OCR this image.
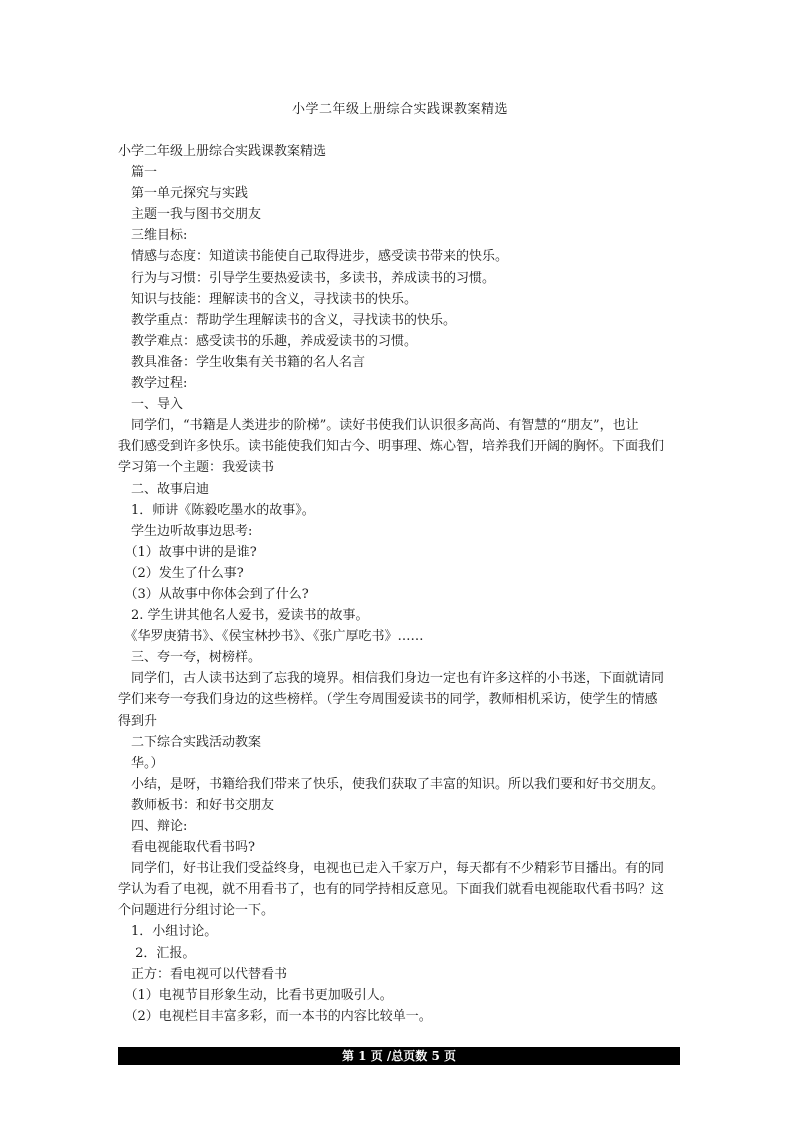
小学二年级上册综合实践课教案精选
小学二年级上册综合实践课教案精选
　篇一
　第一单元探究与实践
　主题一我与图书交朋友
　三维目标:
　情感与态度：知道读书能使自己取得进步，感受读书带来的快乐。
　行为与习惯：引导学生要热爱读书，多读书，养成读书的习惯。
　知识与技能：理解读书的含义，寻找读书的快乐。
　教学重点：帮助学生理解读书的含义，寻找读书的快乐。
　教学难点：感受读书的乐趣，养成爱读书的习惯。
　教具准备：学生收集有关书籍的名人名言
　教学过程:
　一、导入
　同学们，“书籍是人类进步的阶梯”。读好书使我们认识很多高尚、有智慧的“朋友”，也让
我们感受到许多快乐。读书能使我们知古今、明事理、炼心智，培养我们开阔的胸怀。下面我们
学习第一个主题：我爱读书
　二、故事启迪
　1．师讲《陈毅吃墨水的故事》。
　学生边听故事边思考:
　（1）故事中讲的是谁?
　（2）发生了什么事?
　（3）从故事中你体会到了什么?
　2. 学生讲其他名人爱书，爱读书的故事。
　《华罗庚猜书》、《侯宝林抄书》、《张广厚吃书》……
　三、夸一夸，树榜样。
　同学们，古人读书达到了忘我的境界。相信我们身边一定也有许多这样的小书迷，下面就请同
学们来夸一夸我们身边的这些榜样。（学生夸周围爱读书的同学，教师相机采访，使学生的情感
得到升
　二下综合实践活动教案
　华。）
　小结，是呀，书籍给我们带来了快乐，使我们获取了丰富的知识。所以我们要和好书交朋友。
　教师板书：和好书交朋友
　四、辩论:
　看电视能取代看书吗?
　同学们，好书让我们受益终身，电视也已走入千家万户，每天都有不少精彩节目播出。有的同
学认为看了电视，就不用看书了，也有的同学持相反意见。下面我们就看电视能取代看书吗？这
个问题进行分组讨论一下。
　1．小组讨论。
　 2．汇报。
　正方：看电视可以代替看书
　（1）电视节目形象生动，比看书更加吸引人。
　（2）电视栏目丰富多彩，而一本书的内容比较单一。
第 1 页 /总页数 5 页
